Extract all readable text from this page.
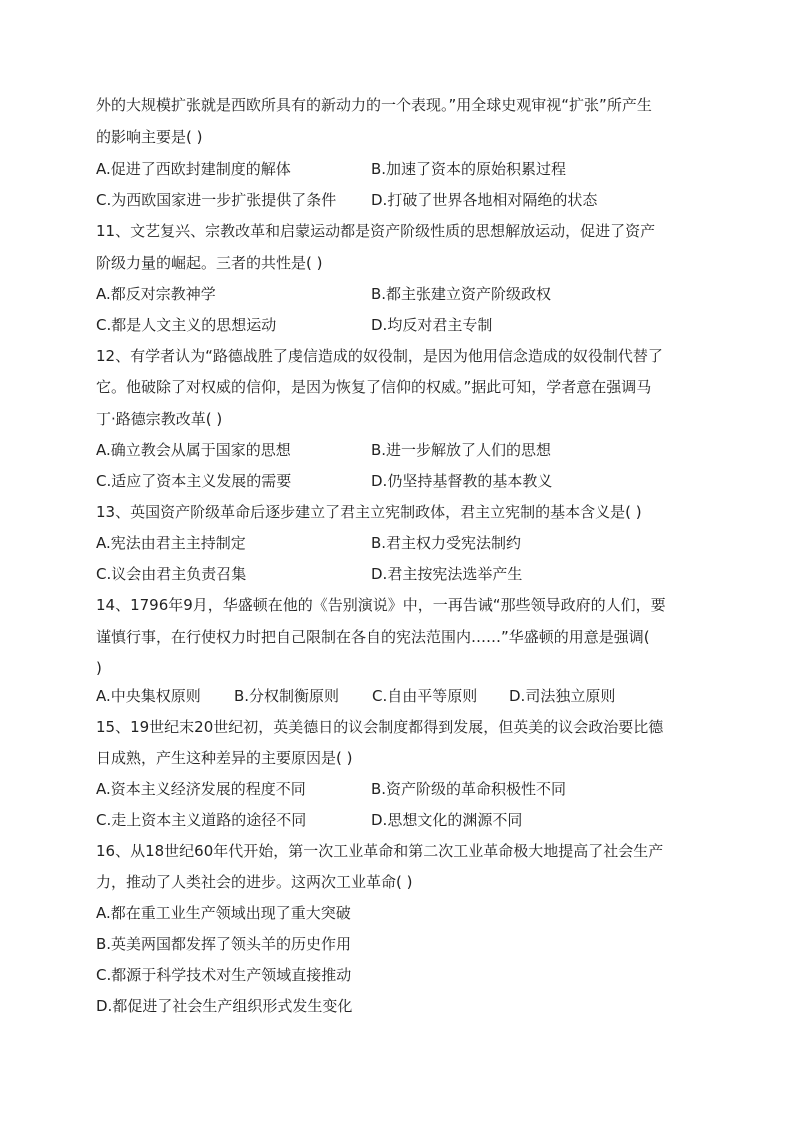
外的大规模扩张就是西欧所具有的新动力的一个表现。”用全球史观审视“扩张”所产生
的影响主要是( )
A.促进了西欧封建制度的解体	B.加速了资本的原始积累过程
C.为西欧国家进一步扩张提供了条件 D.打破了世界各地相对隔绝的状态
11、文艺复兴、宗教改革和启蒙运动都是资产阶级性质的思想解放运动，促进了资产
阶级力量的崛起。三者的共性是( )
A.都反对宗教神学	B.都主张建立资产阶级政权
C.都是人文主义的思想运动	D.均反对君主专制
12、有学者认为“路德战胜了虔信造成的奴役制，是因为他用信念造成的奴役制代替了
它。他破除了对权威的信仰，是因为恢复了信仰的权威。”据此可知，学者意在强调马
丁·路德宗教改革( )
A.确立教会从属于国家的思想	B.进一步解放了人们的思想
C.适应了资本主义发展的需要	D.仍坚持基督教的基本教义
13、英国资产阶级革命后逐步建立了君主立宪制政体，君主立宪制的基本含义是( )
A.宪法由君主主持制定	B.君主权力受宪法制约
C.议会由君主负责召集	D.君主按宪法选举产生
14、1796年9月，华盛顿在他的《告别演说》中，一再告诫“那些领导政府的人们，要
谨慎行事，在行使权力时把自己限制在各自的宪法范围内……”华盛顿的用意是强调(
)
A.中央集权原则 B.分权制衡原则 C.自由平等原则 D.司法独立原则
15、19世纪末20世纪初，英美德日的议会制度都得到发展，但英美的议会政治要比德
日成熟，产生这种差异的主要原因是( )
A.资本主义经济发展的程度不同	B.资产阶级的革命积极性不同
C.走上资本主义道路的途径不同	D.思想文化的渊源不同
16、从18世纪60年代开始，第一次工业革命和第二次工业革命极大地提高了社会生产
力，推动了人类社会的进步。这两次工业革命( )
A.都在重工业生产领域出现了重大突破
B.英美两国都发挥了领头羊的历史作用
C.都源于科学技术对生产领域直接推动
D.都促进了社会生产组织形式发生变化
